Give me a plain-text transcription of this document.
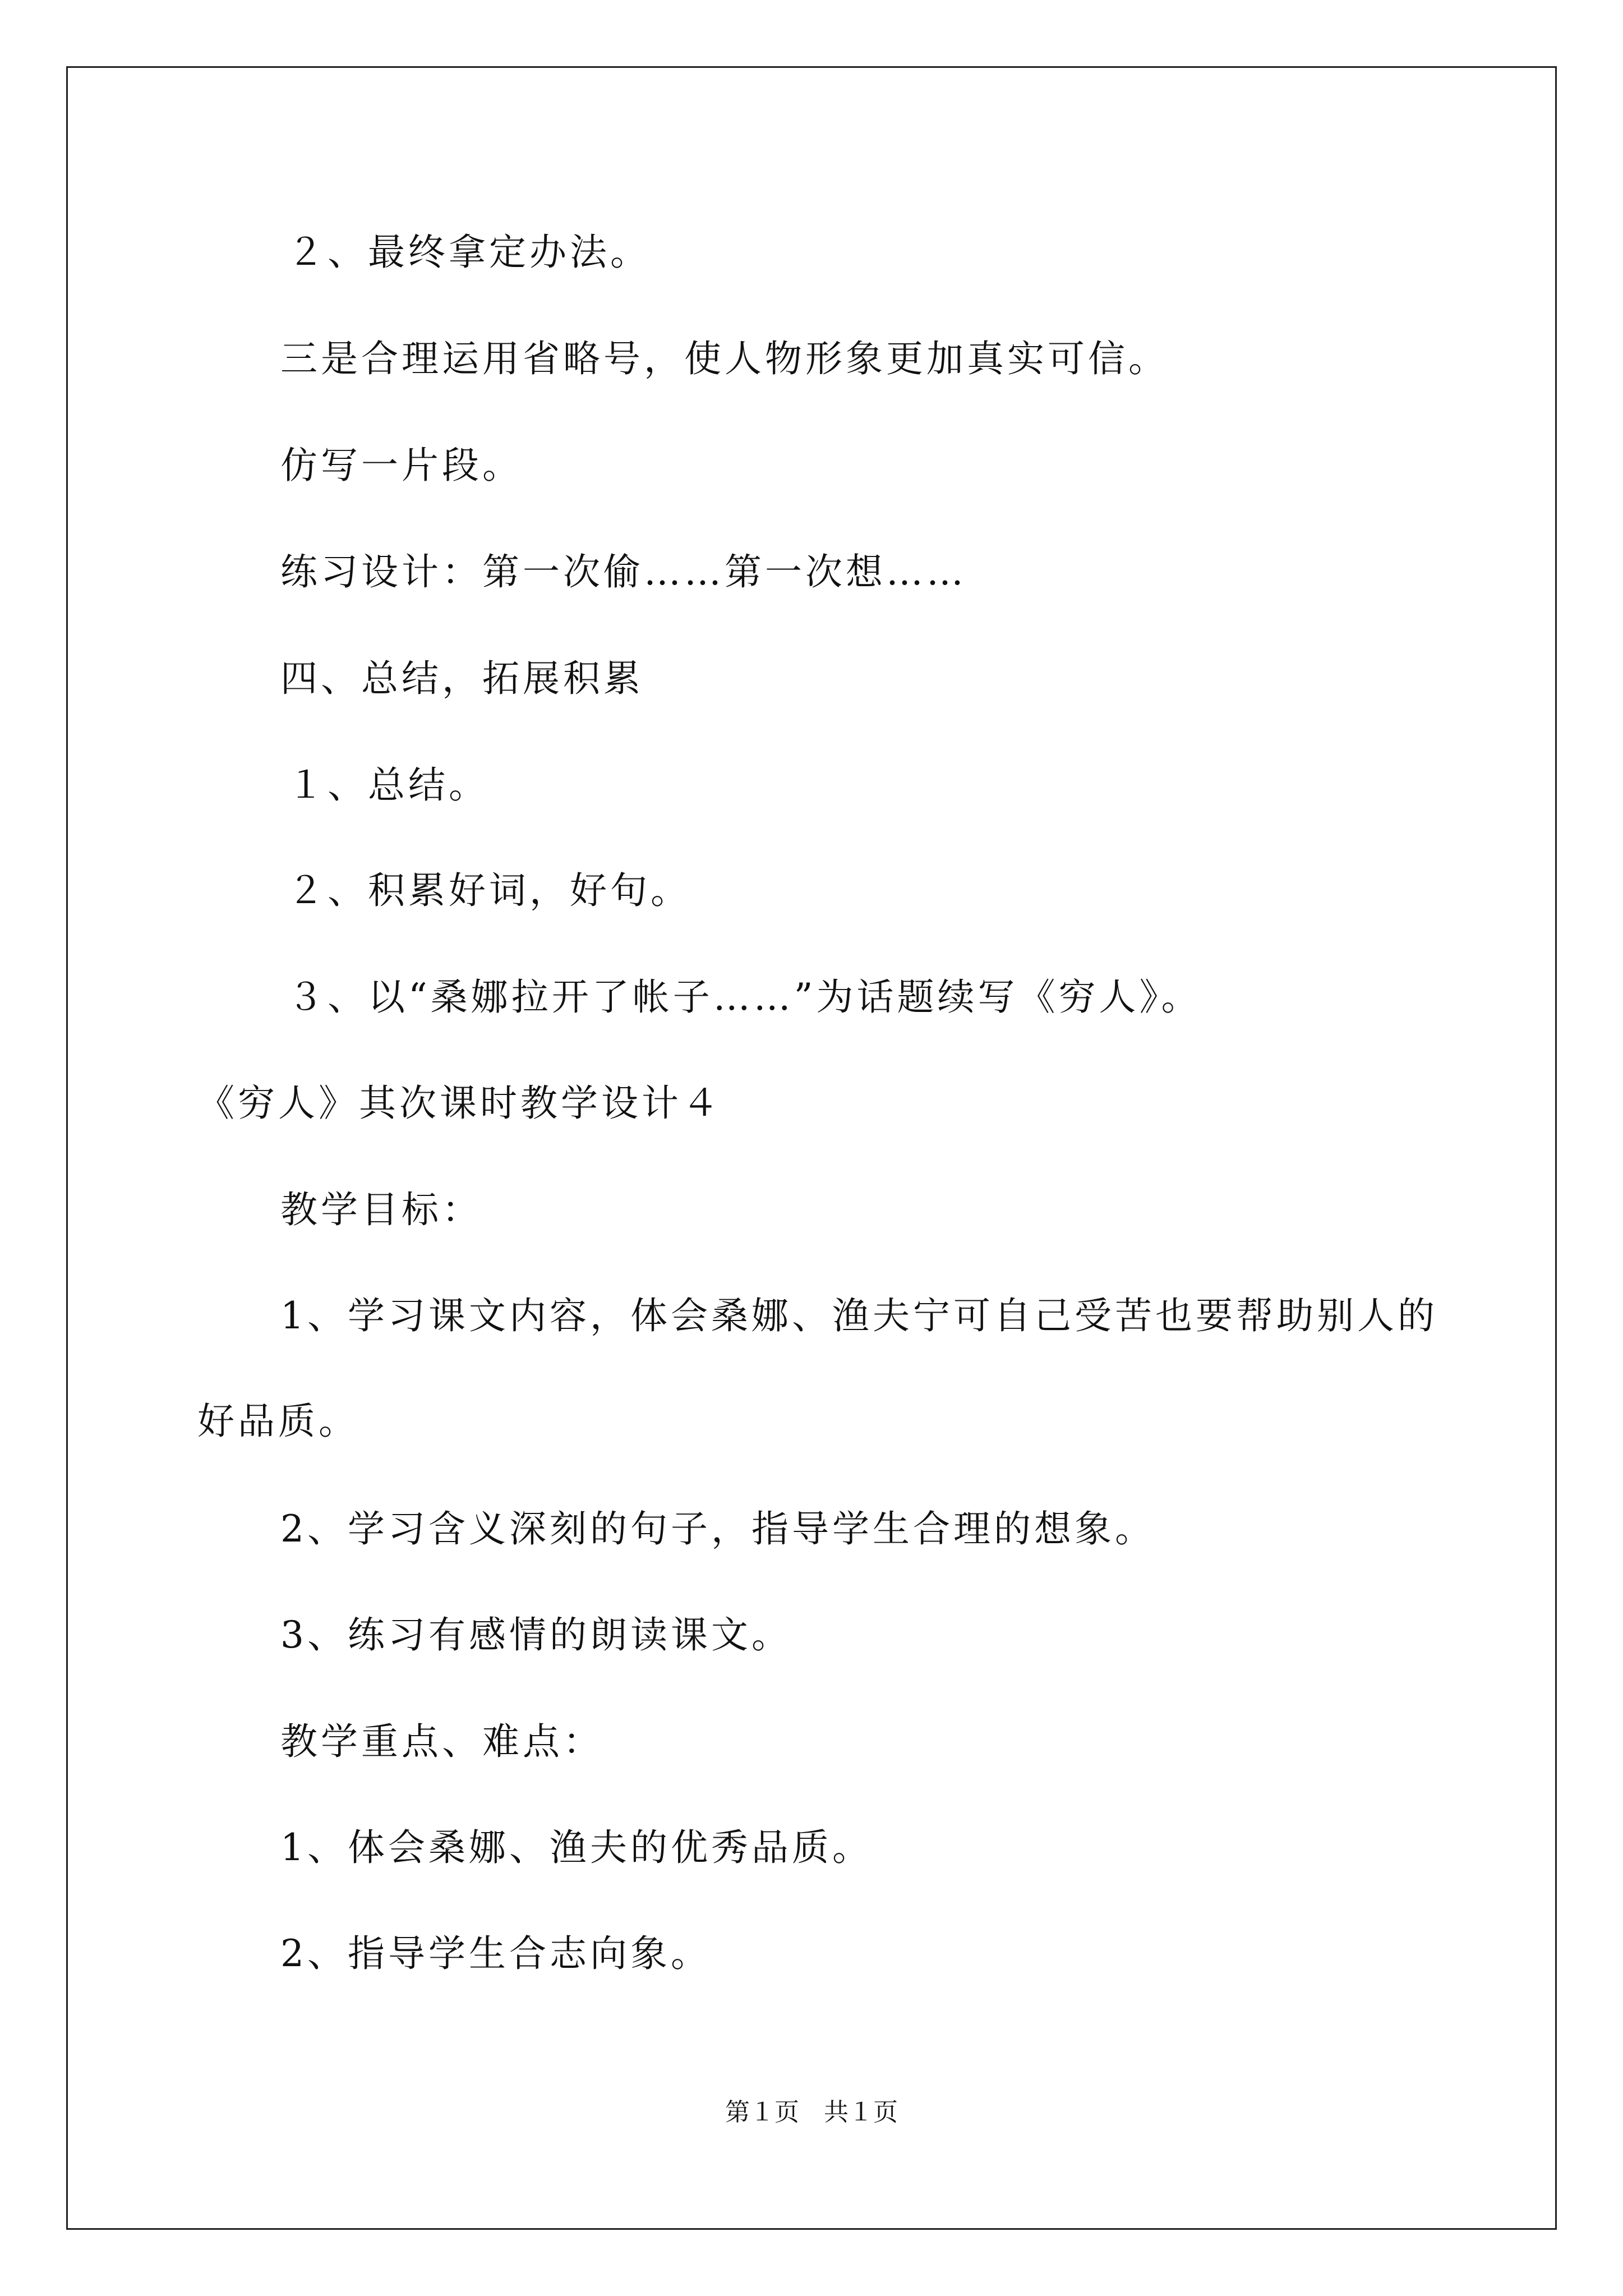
２、最终拿定办法。
三是合理运用省略号，使人物形象更加真实可信。
仿写一片段。
练习设计：第一次偷……第一次想……
四、总结，拓展积累
１、总结。
２、积累好词，好句。
３、以“桑娜拉开了帐子……”为话题续写《穷人》。
《穷人》其次课时教学设计４
教学目标：
1、学习课文内容，体会桑娜、渔夫宁可自己受苦也要帮助别人的
好品质。
2、学习含义深刻的句子，指导学生合理的想象。
3、练习有感情的朗读课文。
教学重点、难点：
1、体会桑娜、渔夫的优秀品质。
2、指导学生合志向象。
第１页　共１页
